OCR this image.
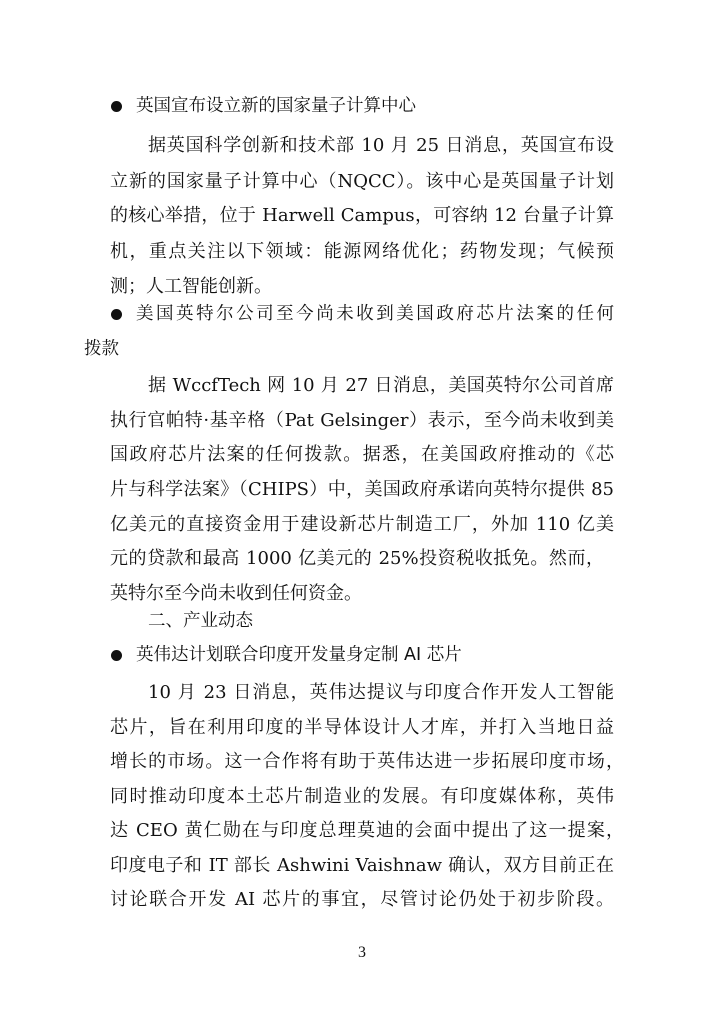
英国宣布设立新的国家量子计算中心
据英国科学创新和技术部 10 月 25 日消息，英国宣布设
立新的国家量子计算中心（NQCC）。该中心是英国量子计划
的核心举措，位于 Harwell Campus，可容纳 12 台量子计算
机，重点关注以下领域：能源网络优化；药物发现；气候预
测；人工智能创新。
美国英特尔公司至今尚未收到美国政府芯片法案的任何
拨款
据 WccfTech 网 10 月 27 日消息，美国英特尔公司首席
执行官帕特·基辛格（Pat Gelsinger）表示，至今尚未收到美
国政府芯片法案的任何拨款。据悉，在美国政府推动的《芯
片与科学法案》（CHIPS）中，美国政府承诺向英特尔提供 85
亿美元的直接资金用于建设新芯片制造工厂，外加 110 亿美
元的贷款和最高 1000 亿美元的 25%投资税收抵免。然而，
英特尔至今尚未收到任何资金。
二、产业动态
英伟达计划联合印度开发量身定制 AI 芯片
10 月 23 日消息，英伟达提议与印度合作开发人工智能
芯片，旨在利用印度的半导体设计人才库，并打入当地日益
增长的市场。这一合作将有助于英伟达进一步拓展印度市场，
同时推动印度本土芯片制造业的发展。有印度媒体称，英伟
达 CEO 黄仁勋在与印度总理莫迪的会面中提出了这一提案，
印度电子和 IT 部长 Ashwini Vaishnaw 确认，双方目前正在
讨论联合开发 AI 芯片的事宜，尽管讨论仍处于初步阶段。
3
